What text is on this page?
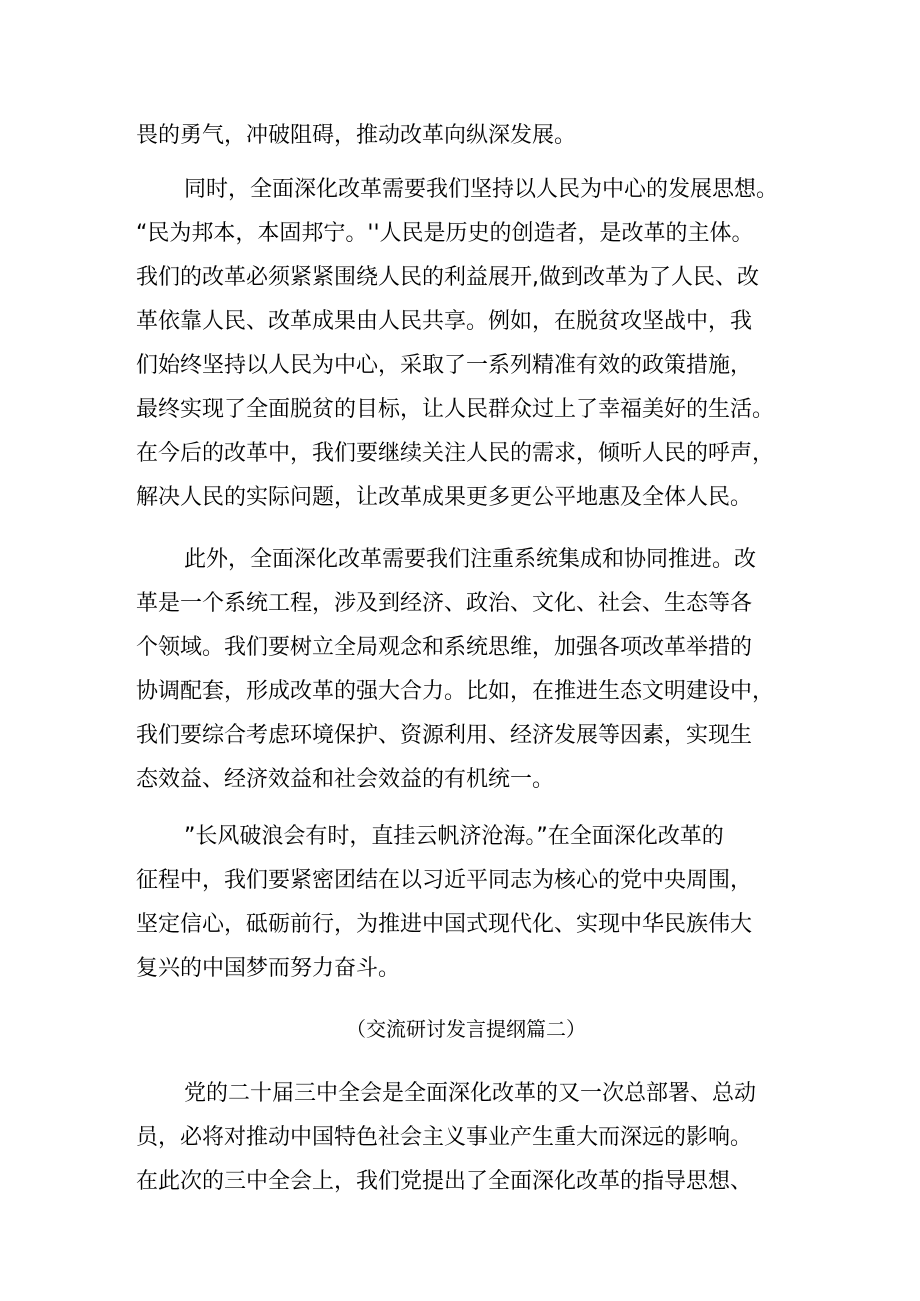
畏的勇气，冲破阻碍，推动改革向纵深发展。

同时，全面深化改革需要我们坚持以人民为中心的发展思想。
“民为邦本，本固邦宁。''人民是历史的创造者，是改革的主体。
我们的改革必须紧紧围绕人民的利益展开,做到改革为了人民、改
革依靠人民、改革成果由人民共享。例如，在脱贫攻坚战中，我
们始终坚持以人民为中心，采取了一系列精准有效的政策措施，
最终实现了全面脱贫的目标，让人民群众过上了幸福美好的生活。
在今后的改革中，我们要继续关注人民的需求，倾听人民的呼声，
解决人民的实际问题，让改革成果更多更公平地惠及全体人民。

此外，全面深化改革需要我们注重系统集成和协同推进。改
革是一个系统工程，涉及到经济、政治、文化、社会、生态等各
个领域。我们要树立全局观念和系统思维，加强各项改革举措的
协调配套，形成改革的强大合力。比如，在推进生态文明建设中，
我们要综合考虑环境保护、资源利用、经济发展等因素，实现生
态效益、经济效益和社会效益的有机统一。

”长风破浪会有时，直挂云帆济沧海。”在全面深化改革的
征程中，我们要紧密团结在以习近平同志为核心的党中央周围，
坚定信心，砥砺前行，为推进中国式现代化、实现中华民族伟大
复兴的中国梦而努力奋斗。

（交流研讨发言提纲篇二）

党的二十届三中全会是全面深化改革的又一次总部署、总动
员，必将对推动中国特色社会主义事业产生重大而深远的影响。
在此次的三中全会上，我们党提出了全面深化改革的指导思想、
